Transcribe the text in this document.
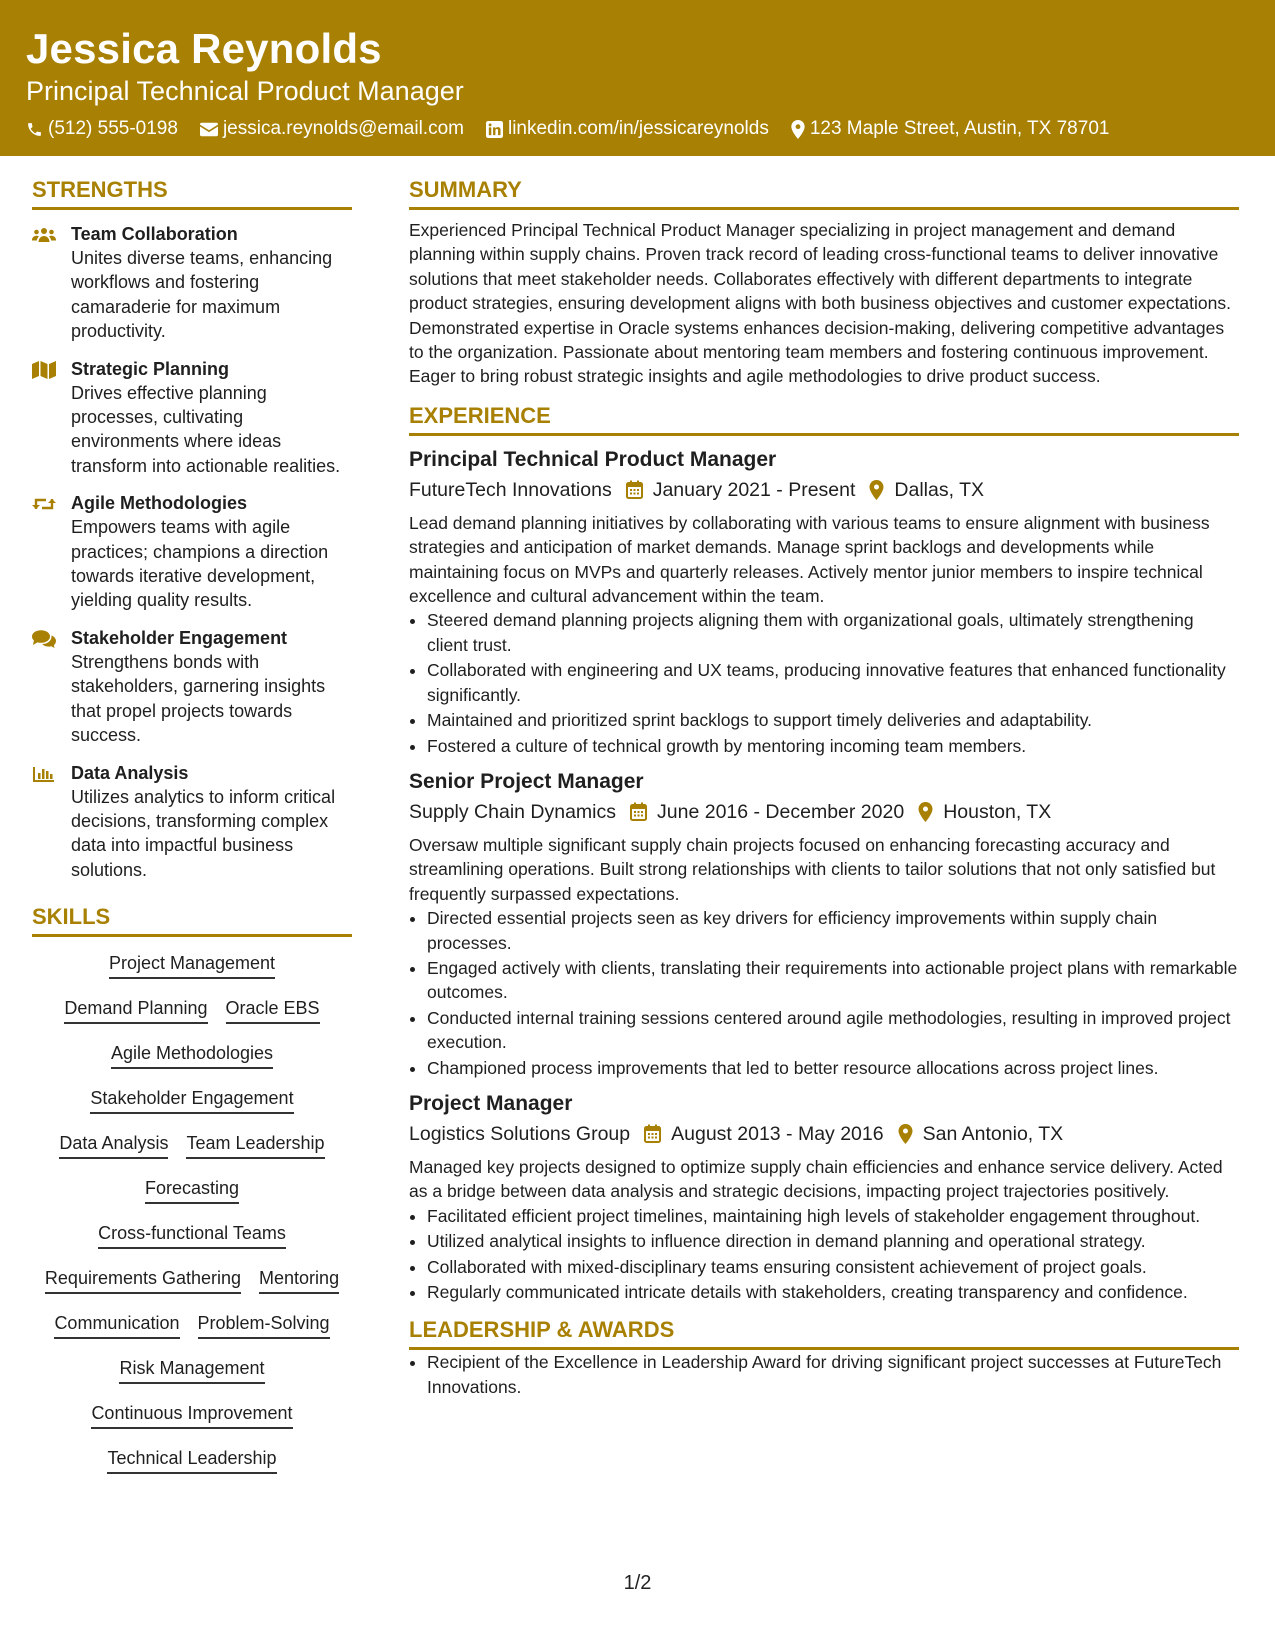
Jessica Reynolds
Principal Technical Product Manager
(512) 555-0198 jessica.reynolds@email.com linkedin.com/in/jessicareynolds 123 Maple Street, Austin, TX 78701
STRENGTHS
Team Collaboration
Unites diverse teams, enhancing workflows and fostering camaraderie for maximum productivity.
Strategic Planning
Drives effective planning processes, cultivating environments where ideas transform into actionable realities.
Agile Methodologies
Empowers teams with agile practices; champions a direction towards iterative development, yielding quality results.
Stakeholder Engagement
Strengthens bonds with stakeholders, garnering insights that propel projects towards success.
Data Analysis
Utilizes analytics to inform critical decisions, transforming complex data into impactful business solutions.
SKILLS
Project Management
Demand Planning Oracle EBS
Agile Methodologies
Stakeholder Engagement
Data Analysis Team Leadership
Forecasting
Cross-functional Teams
Requirements Gathering Mentoring
Communication Problem-Solving
Risk Management
Continuous Improvement
Technical Leadership
SUMMARY
Experienced Principal Technical Product Manager specializing in project management and demand planning within supply chains. Proven track record of leading cross-functional teams to deliver innovative solutions that meet stakeholder needs. Collaborates effectively with different departments to integrate product strategies, ensuring development aligns with both business objectives and customer expectations. Demonstrated expertise in Oracle systems enhances decision-making, delivering competitive advantages to the organization. Passionate about mentoring team members and fostering continuous improvement. Eager to bring robust strategic insights and agile methodologies to drive product success.
EXPERIENCE
Principal Technical Product Manager
FutureTech Innovations January 2021 - Present Dallas, TX
Lead demand planning initiatives by collaborating with various teams to ensure alignment with business strategies and anticipation of market demands. Manage sprint backlogs and developments while maintaining focus on MVPs and quarterly releases. Actively mentor junior members to inspire technical excellence and cultural advancement within the team.
• Steered demand planning projects aligning them with organizational goals, ultimately strengthening client trust.
• Collaborated with engineering and UX teams, producing innovative features that enhanced functionality significantly.
• Maintained and prioritized sprint backlogs to support timely deliveries and adaptability.
• Fostered a culture of technical growth by mentoring incoming team members.
Senior Project Manager
Supply Chain Dynamics June 2016 - December 2020 Houston, TX
Oversaw multiple significant supply chain projects focused on enhancing forecasting accuracy and streamlining operations. Built strong relationships with clients to tailor solutions that not only satisfied but frequently surpassed expectations.
• Directed essential projects seen as key drivers for efficiency improvements within supply chain processes.
• Engaged actively with clients, translating their requirements into actionable project plans with remarkable outcomes.
• Conducted internal training sessions centered around agile methodologies, resulting in improved project execution.
• Championed process improvements that led to better resource allocations across project lines.
Project Manager
Logistics Solutions Group August 2013 - May 2016 San Antonio, TX
Managed key projects designed to optimize supply chain efficiencies and enhance service delivery. Acted as a bridge between data analysis and strategic decisions, impacting project trajectories positively.
• Facilitated efficient project timelines, maintaining high levels of stakeholder engagement throughout.
• Utilized analytical insights to influence direction in demand planning and operational strategy.
• Collaborated with mixed-disciplinary teams ensuring consistent achievement of project goals.
• Regularly communicated intricate details with stakeholders, creating transparency and confidence.
LEADERSHIP & AWARDS
• Recipient of the Excellence in Leadership Award for driving significant project successes at FutureTech Innovations.
1/2
